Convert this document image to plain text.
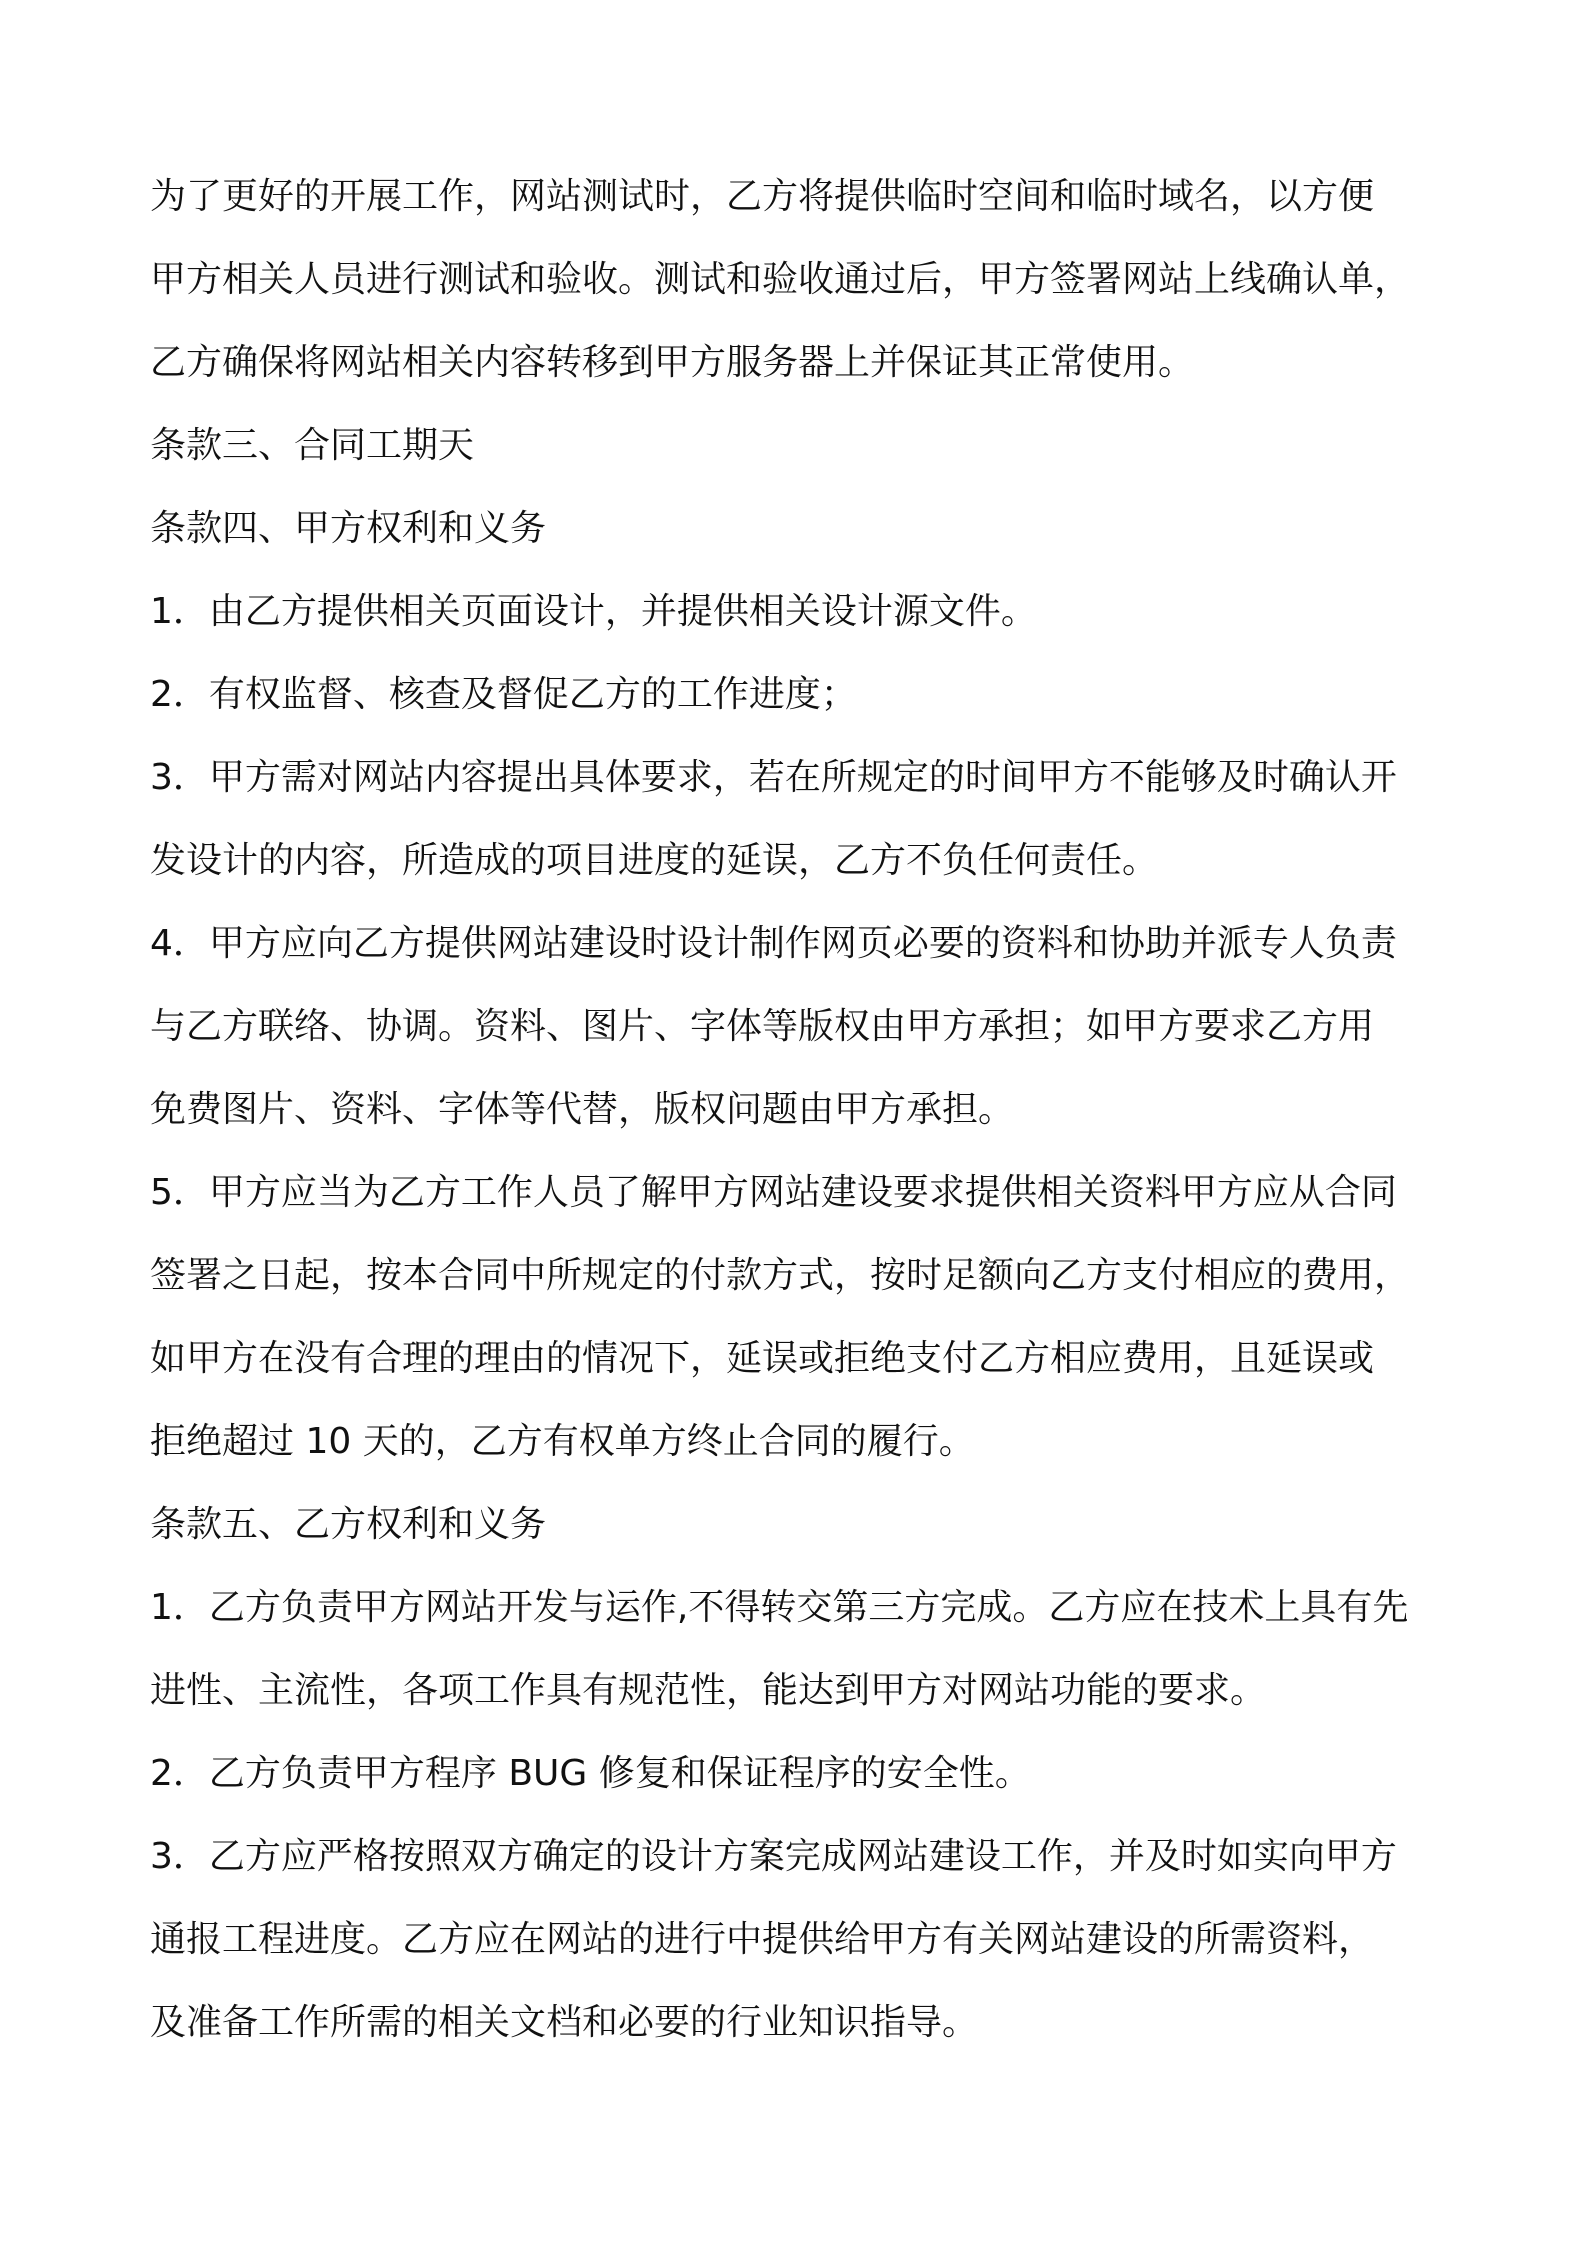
为了更好的开展工作，网站测试时，乙方将提供临时空间和临时域名，以方便
甲方相关人员进行测试和验收。测试和验收通过后，甲方签署网站上线确认单，
乙方确保将网站相关内容转移到甲方服务器上并保证其正常使用。
条款三、合同工期天
条款四、甲方权利和义务
1．由乙方提供相关页面设计，并提供相关设计源文件。
2．有权监督、核查及督促乙方的工作进度；
3．甲方需对网站内容提出具体要求，若在所规定的时间甲方不能够及时确认开
发设计的内容，所造成的项目进度的延误，乙方不负任何责任。
4．甲方应向乙方提供网站建设时设计制作网页必要的资料和协助并派专人负责
与乙方联络、协调。资料、图片、字体等版权由甲方承担；如甲方要求乙方用
免费图片、资料、字体等代替，版权问题由甲方承担。
5．甲方应当为乙方工作人员了解甲方网站建设要求提供相关资料甲方应从合同
签署之日起，按本合同中所规定的付款方式，按时足额向乙方支付相应的费用，
如甲方在没有合理的理由的情况下，延误或拒绝支付乙方相应费用，且延误或
拒绝超过 10 天的，乙方有权单方终止合同的履行。
条款五、乙方权利和义务
1．乙方负责甲方网站开发与运作,不得转交第三方完成。乙方应在技术上具有先
进性、主流性，各项工作具有规范性，能达到甲方对网站功能的要求。
2．乙方负责甲方程序 BUG 修复和保证程序的安全性。
3．乙方应严格按照双方确定的设计方案完成网站建设工作，并及时如实向甲方
通报工程进度。乙方应在网站的进行中提供给甲方有关网站建设的所需资料，
及准备工作所需的相关文档和必要的行业知识指导。
